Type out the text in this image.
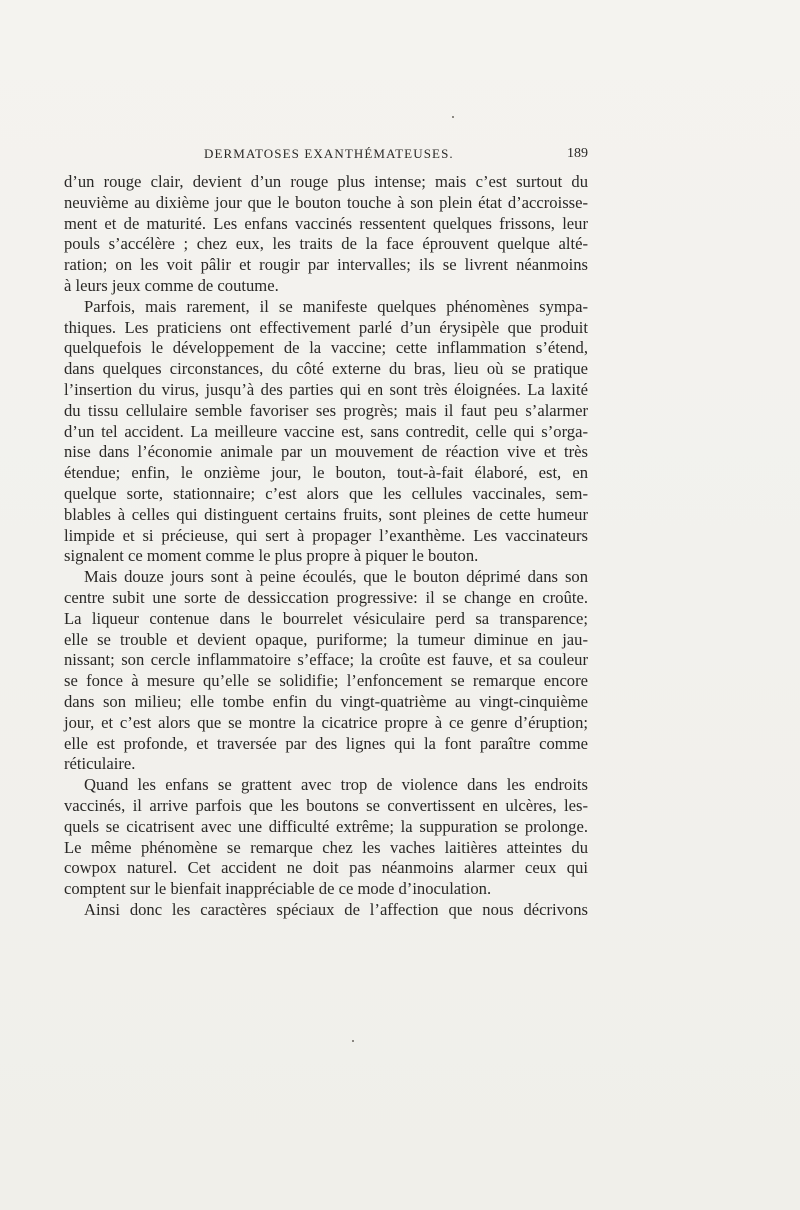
DERMATOSES EXANTHÉMATEUSES.	189
d’un rouge clair, devient d’un rouge plus intense; mais c’est surtout du
neuvième au dixième jour que le bouton touche à son plein état d’accroisse-
ment et de maturité. Les enfans vaccinés ressentent quelques frissons, leur
pouls s’accélère ; chez eux, les traits de la face éprouvent quelque alté-
ration; on les voit pâlir et rougir par intervalles; ils se livrent néanmoins
à leurs jeux comme de coutume.
Parfois, mais rarement, il se manifeste quelques phénomènes sympa-
thiques. Les praticiens ont effectivement parlé d’un érysipèle que produit
quelquefois le développement de la vaccine; cette inflammation s’étend,
dans quelques circonstances, du côté externe du bras, lieu où se pratique
l’insertion du virus, jusqu’à des parties qui en sont très éloignées. La laxité
du tissu cellulaire semble favoriser ses progrès; mais il faut peu s’alarmer
d’un tel accident. La meilleure vaccine est, sans contredit, celle qui s’orga-
nise dans l’économie animale par un mouvement de réaction vive et très
étendue; enfin, le onzième jour, le bouton, tout-à-fait élaboré, est, en
quelque sorte, stationnaire; c’est alors que les cellules vaccinales, sem-
blables à celles qui distinguent certains fruits, sont pleines de cette humeur
limpide et si précieuse, qui sert à propager l’exanthème. Les vaccinateurs
signalent ce moment comme le plus propre à piquer le bouton.
Mais douze jours sont à peine écoulés, que le bouton déprimé dans son
centre subit une sorte de dessiccation progressive: il se change en croûte.
La liqueur contenue dans le bourrelet vésiculaire perd sa transparence;
elle se trouble et devient opaque, puriforme; la tumeur diminue en jau-
nissant; son cercle inflammatoire s’efface; la croûte est fauve, et sa couleur
se fonce à mesure qu’elle se solidifie; l’enfoncement se remarque encore
dans son milieu; elle tombe enfin du vingt-quatrième au vingt-cinquième
jour, et c’est alors que se montre la cicatrice propre à ce genre d’éruption;
elle est profonde, et traversée par des lignes qui la font paraître comme
réticulaire.
Quand les enfans se grattent avec trop de violence dans les endroits
vaccinés, il arrive parfois que les boutons se convertissent en ulcères, les-
quels se cicatrisent avec une difficulté extrême; la suppuration se prolonge.
Le même phénomène se remarque chez les vaches laitières atteintes du
cowpox naturel. Cet accident ne doit pas néanmoins alarmer ceux qui
comptent sur le bienfait inappréciable de ce mode d’inoculation.
Ainsi donc les caractères spéciaux de l’affection que nous décrivons
